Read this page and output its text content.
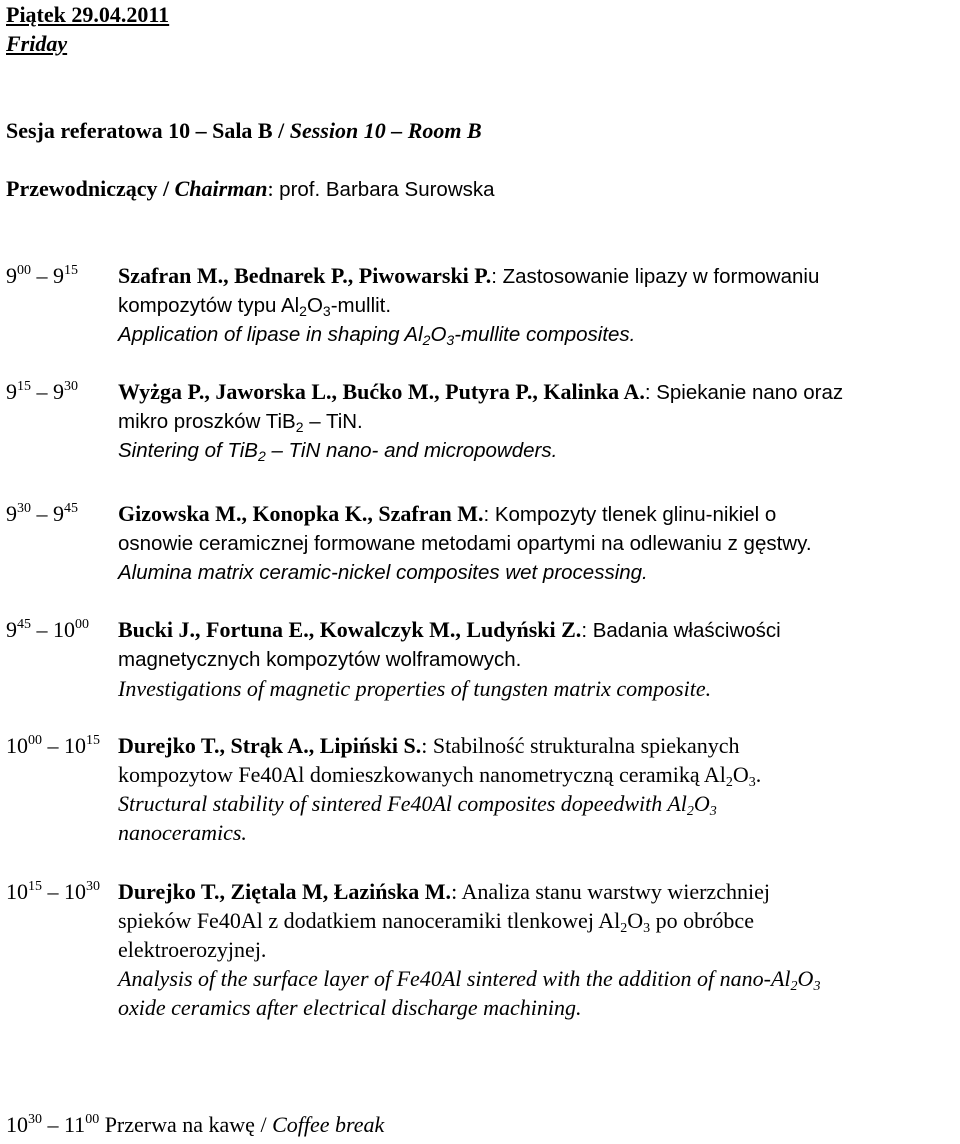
Piątek 29.04.2011
Friday
Sesja referatowa 10 – Sala B / Session 10 – Room B
Przewodniczący / Chairman: prof. Barbara Surowska
$9^{00} - 9^{15}$ Szafran M., Bednarek P., Piwowarski P.: Zastosowanie lipazy w formowaniu
kompozytów typu $Al_2O_3$-mullit.
Application of lipase in shaping $Al_2O_3$-mullite composites.
$9^{15} - 9^{30}$ Wyżga P., Jaworska L., Bućko M., Putyra P., Kalinka A.: Spiekanie nano oraz
mikro proszków TiB$_2$ – TiN.
Sintering of TiB$_2$ – TiN nano- and micropowders.
$9^{30} - 9^{45}$ Gizowska M., Konopka K., Szafran M.: Kompozyty tlenek glinu-nikiel o
osnowie ceramicznej formowane metodami opartymi na odlewaniu z gęstwy.
Alumina matrix ceramic-nickel composites wet processing.
$9^{45} - 10^{00}$ Bucki J., Fortuna E., Kowalczyk M., Ludyński Z.: Badania właściwości
magnetycznych kompozytów wolframowych.
Investigations of magnetic properties of tungsten matrix composite.
$10^{00} - 10^{15}$ Durejko T., Strąk A., Lipiński S.: Stabilność strukturalna spiekanych
kompozytow Fe40Al domieszkowanych nanometryczną ceramiką $Al_2O_3$.
Structural stability of sintered Fe40Al composites dopeedwith $Al_2O_3$
nanoceramics.
$10^{15} - 10^{30}$ Durejko T., Ziętala M, Łazińska M.: Analiza stanu warstwy wierzchniej
spieków Fe40Al z dodatkiem nanoceramiki tlenkowej $Al_2O_3$ po obróbce
elektroerozyjnej.
Analysis of the surface layer of Fe40Al sintered with the addition of nano-$Al_2O_3$
oxide ceramics after electrical discharge machining.
$10^{30} - 11^{00}$ Przerwa na kawę / Coffee break
